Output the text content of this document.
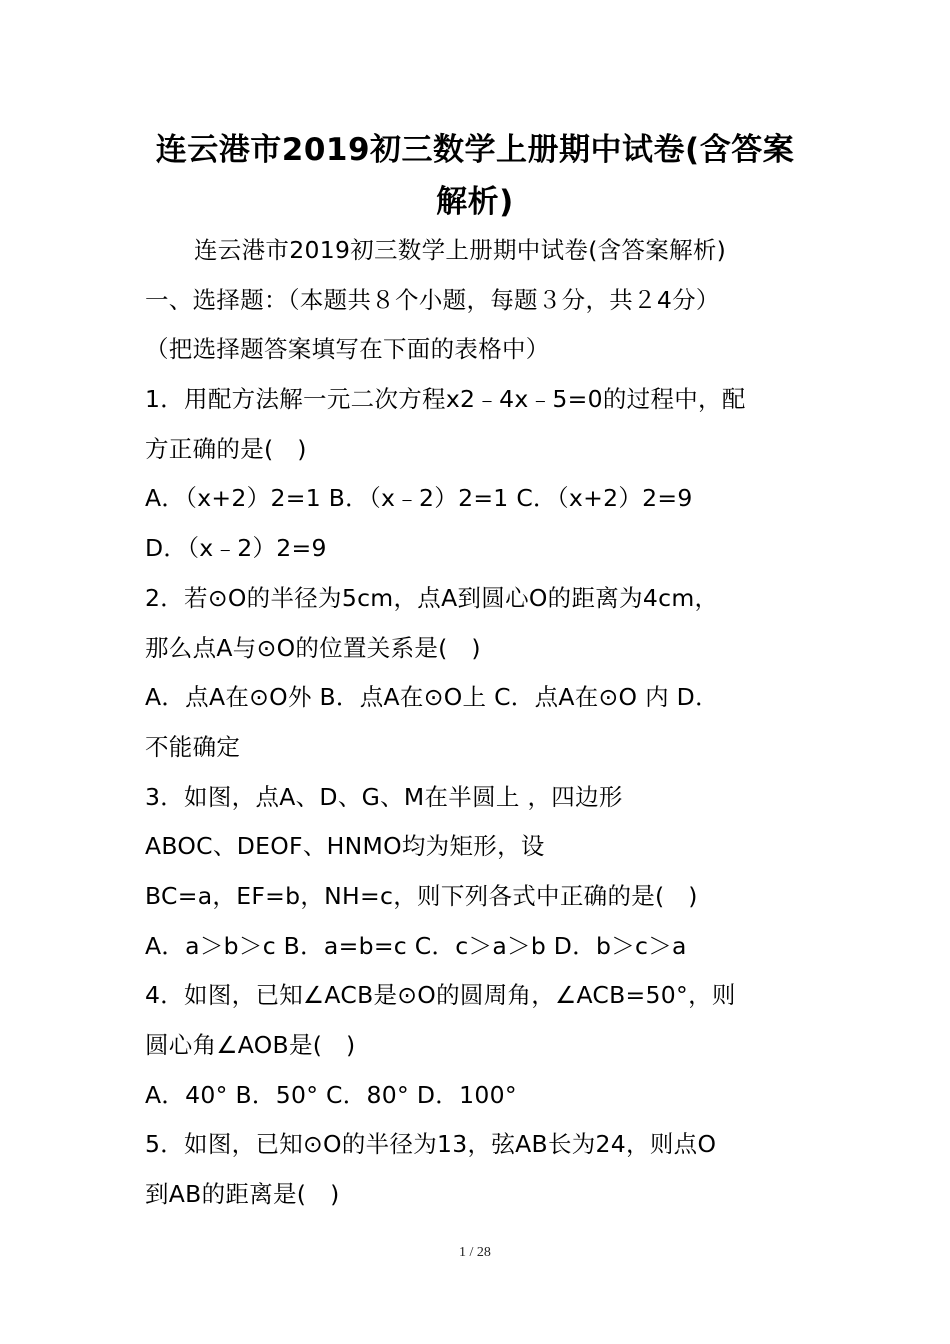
连云港市2019初三数学上册期中试卷(含答案
解析)
连云港市2019初三数学上册期中试卷(含答案解析)
一、选择题：（本题共８个小题，每题３分，共２4分）
（把选择题答案填写在下面的表格中）
1．用配方法解一元二次方程x2﹣4x﹣5=0的过程中，配
方正确的是(　)
A．（x+2）2=1 B．（x﹣2）2=1 C．（x+2）2=9
D．（x﹣2）2=9
2．若⊙O的半径为5cm，点A到圆心O的距离为4cm，
那么点A与⊙O的位置关系是(　)
A．点A在⊙O外 B．点A在⊙O上 C．点A在⊙O 内 D．
不能确定
3．如图，点A、D、G、M在半圆上 ，四边形
ABOC、DEOF、HNMO均为矩形，设
BC=a，EF=b，NH=c，则下列各式中正确的是(　)
A．a＞b＞c B．a=b=c C．c＞a＞b D．b＞c＞a
4．如图，已知∠ACB是⊙O的圆周角，∠ACB=50°，则
圆心角∠AOB是(　)
A．40° B．50° C．80° D．100°
5．如图，已知⊙O的半径为13，弦AB长为24，则点O
到AB的距离是(　)
1 / 28
